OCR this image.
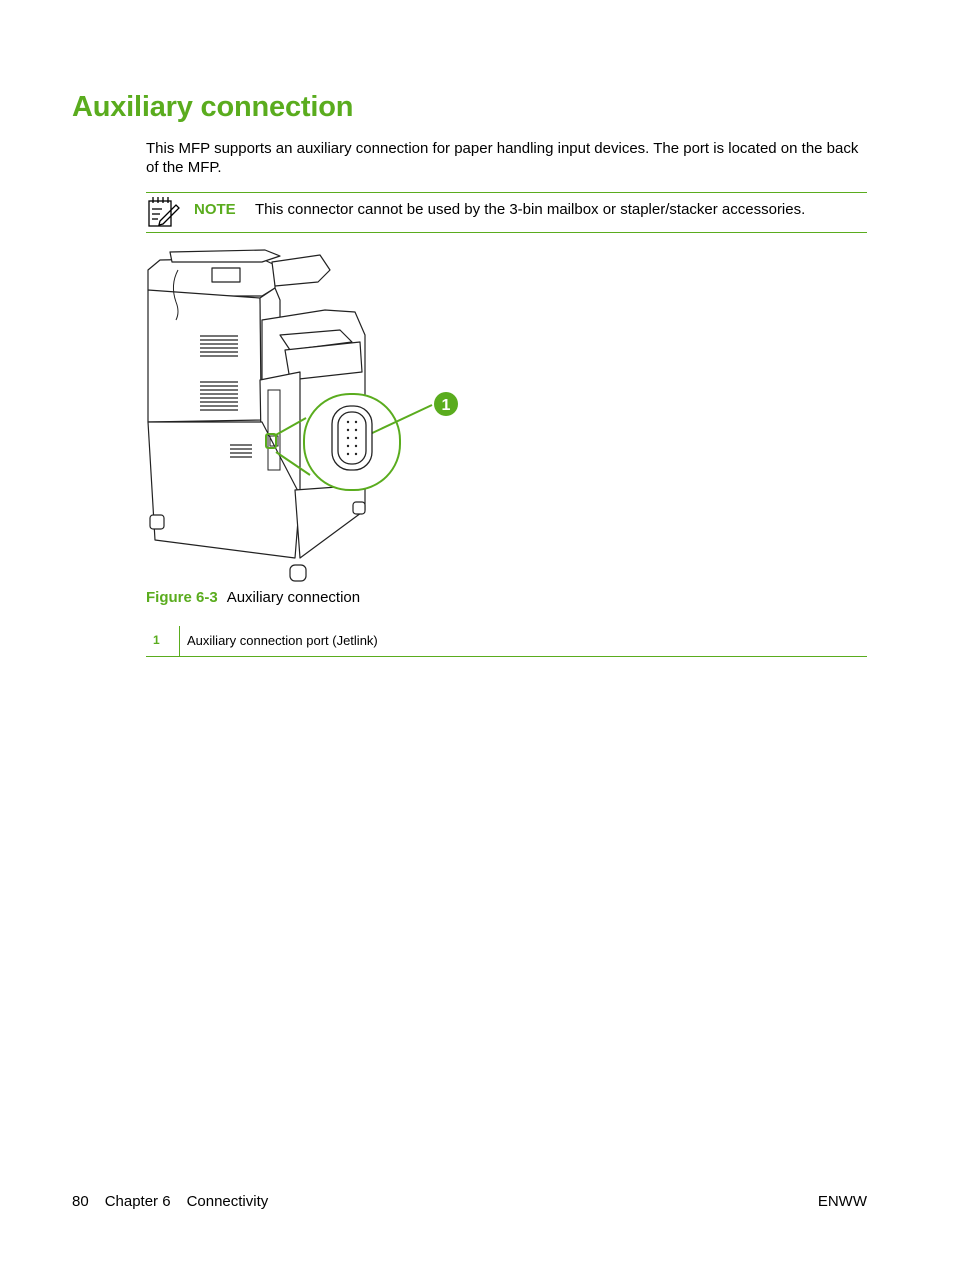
Auxiliary connection

This MFP supports an auxiliary connection for paper handling input devices. The port is located on the back of the MFP.

NOTE This connector cannot be used by the 3-bin mailbox or stapler/stacker accessories.
1
Figure 6-3 Auxiliary connection
1	Auxiliary connection port (Jetlink)
80 Chapter 6 Connectivity	ENWW
